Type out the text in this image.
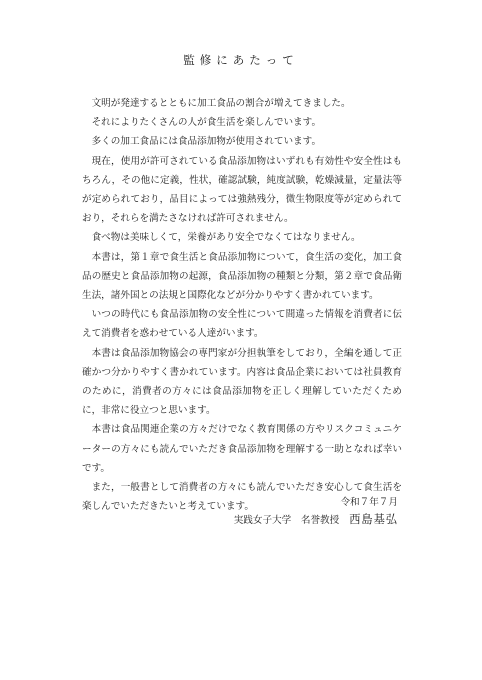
監修にあたって

文明が発達するとともに加工食品の割合が増えてきました。

それによりたくさんの人が食生活を楽しんでいます。

多くの加工食品には食品添加物が使用されています。

現在，使用が許可されている食品添加物はいずれも有効性や安全性はもちろん，その他に定義，性状，確認試験，純度試験，乾燥減量，定量法等が定められており，品目によっては強熱残分，微生物限度等が定められており，それらを満たさなければ許可されません。

食べ物は美味しくて，栄養があり安全でなくてはなりません。

本書は，第１章で食生活と食品添加物について，食生活の変化，加工食品の歴史と食品添加物の起源，食品添加物の種類と分類，第２章で食品衛生法，諸外国との法規と国際化などが分かりやすく書かれています。

いつの時代にも食品添加物の安全性について間違った情報を消費者に伝えて消費者を惑わせている人達がいます。

本書は食品添加物協会の専門家が分担執筆をしており，全編を通して正確かつ分かりやすく書かれています。内容は食品企業においては社員教育のために，消費者の方々には食品添加物を正しく理解していただくために，非常に役立つと思います。

本書は食品関連企業の方々だけでなく教育関係の方やリスクコミュニケーターの方々にも読んでいただき食品添加物を理解する一助となれば幸いです。

また，一般書として消費者の方々にも読んでいただき安心して食生活を楽しんでいただきたいと考えています。	令和７年７月
実践女子大学　名誉教授 西島基弘
